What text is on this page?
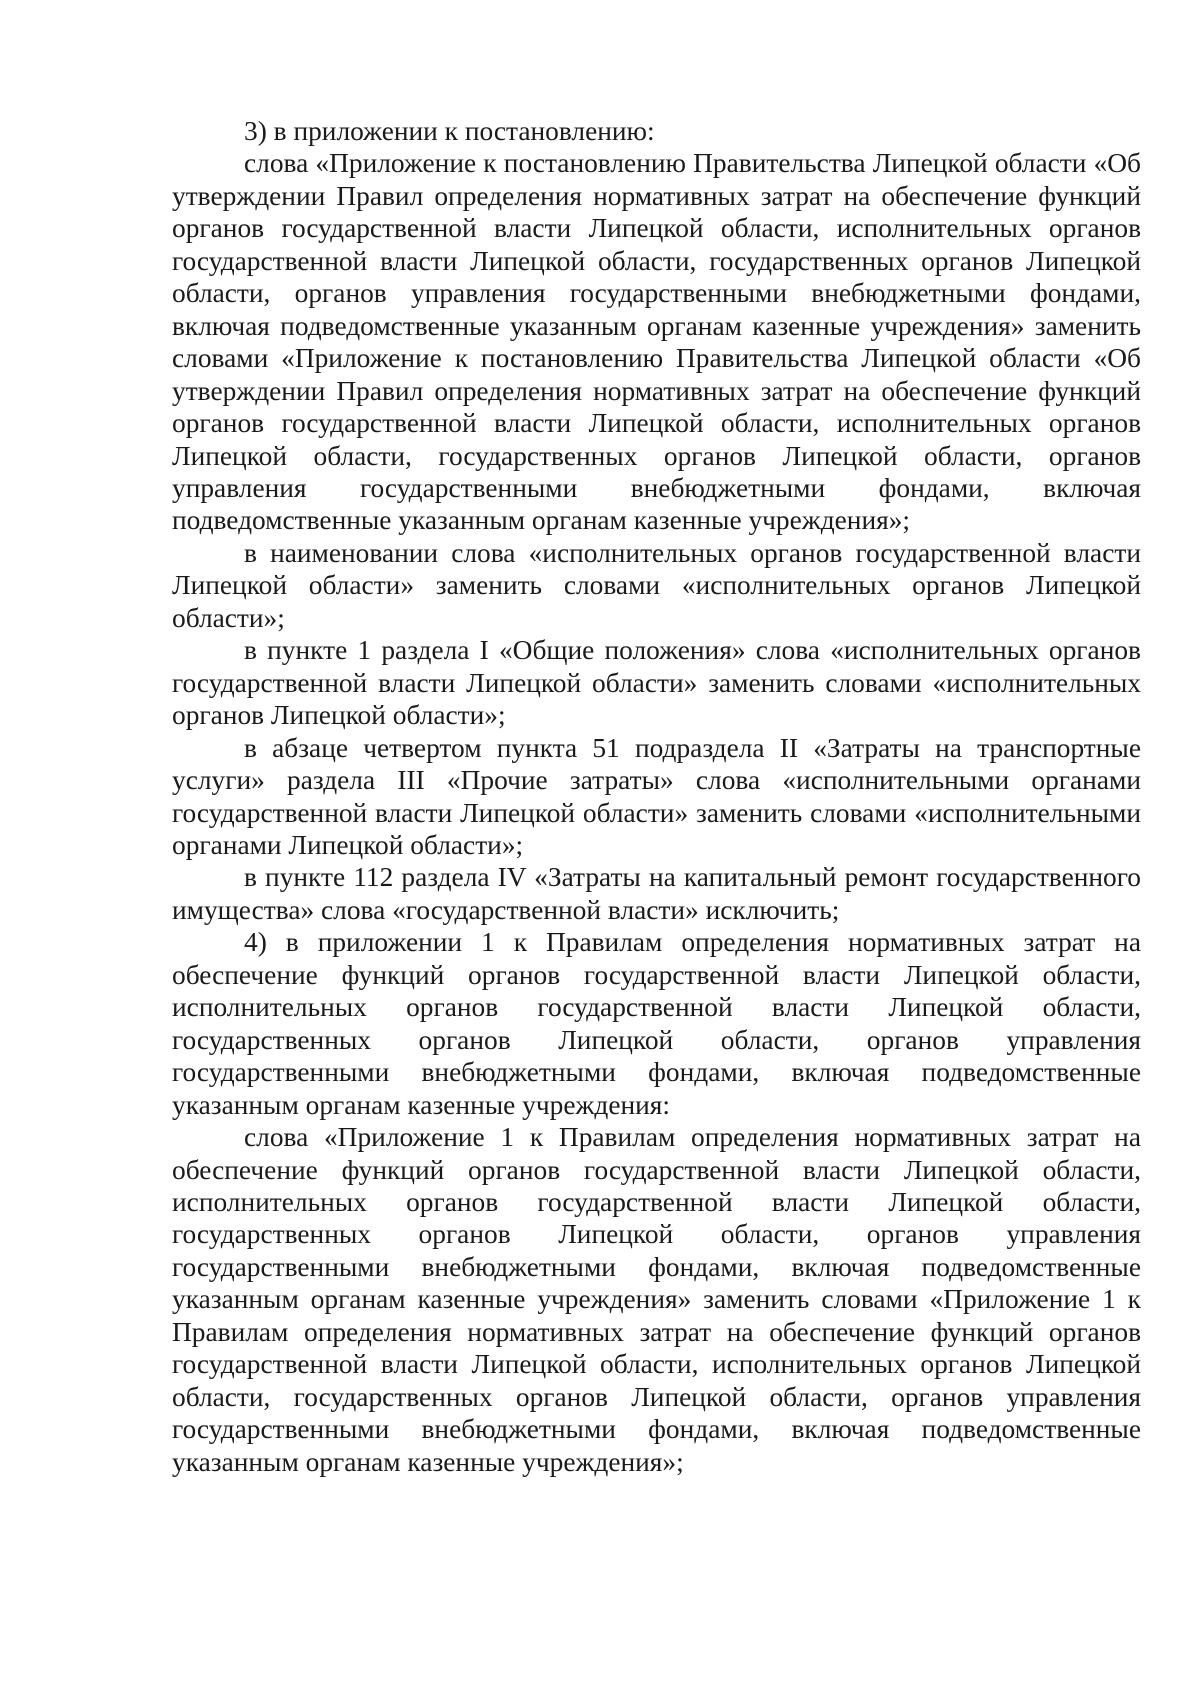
3) в приложении к постановлению:

слова «Приложение к постановлению Правительства Липецкой области «Об утверждении Правил определения нормативных затрат на обеспечение функций органов государственной власти Липецкой области, исполнительных органов государственной власти Липецкой области, государственных органов Липецкой области, органов управления государственными внебюджетными фондами, включая подведомственные указанным органам казенные учреждения» заменить словами «Приложение к постановлению Правительства Липецкой области «Об утверждении Правил определения нормативных затрат на обеспечение функций органов государственной власти Липецкой области, исполнительных органов Липецкой области, государственных органов Липецкой области, органов управления государственными внебюджетными фондами, включая подведомственные указанным органам казенные учреждения»;

в наименовании слова «исполнительных органов государственной власти Липецкой области» заменить словами «исполнительных органов Липецкой области»;

в пункте 1 раздела I «Общие положения» слова «исполнительных органов государственной власти Липецкой области» заменить словами «исполнительных органов Липецкой области»;

в абзаце четвертом пункта 51 подраздела II «Затраты на транспортные услуги» раздела III «Прочие затраты» слова «исполнительными органами государственной власти Липецкой области» заменить словами «исполнительными органами Липецкой области»;

в пункте 112 раздела IV «Затраты на капитальный ремонт государственного имущества» слова «государственной власти» исключить;

4) в приложении 1 к Правилам определения нормативных затрат на обеспечение функций органов государственной власти Липецкой области, исполнительных органов государственной власти Липецкой области, государственных органов Липецкой области, органов управления государственными внебюджетными фондами, включая подведомственные указанным органам казенные учреждения:

слова «Приложение 1 к Правилам определения нормативных затрат на обеспечение функций органов государственной власти Липецкой области, исполнительных органов государственной власти Липецкой области, государственных органов Липецкой области, органов управления государственными внебюджетными фондами, включая подведомственные указанным органам казенные учреждения» заменить словами «Приложение 1 к Правилам определения нормативных затрат на обеспечение функций органов государственной власти Липецкой области, исполнительных органов Липецкой области, государственных органов Липецкой области, органов управления государственными внебюджетными фондами, включая подведомственные указанным органам казенные учреждения»;
